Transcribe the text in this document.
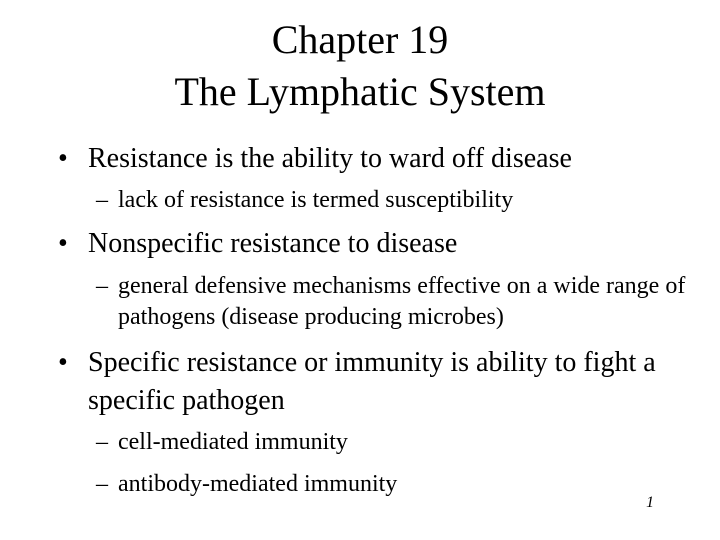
Chapter 19
The Lymphatic System
• Resistance is the ability to ward off disease
– lack of resistance is termed susceptibility
• Nonspecific resistance to disease
– general defensive mechanisms effective on a wide range of pathogens (disease producing microbes)
• Specific resistance or immunity is ability to fight a specific pathogen
– cell-mediated immunity
– antibody-mediated immunity
1
